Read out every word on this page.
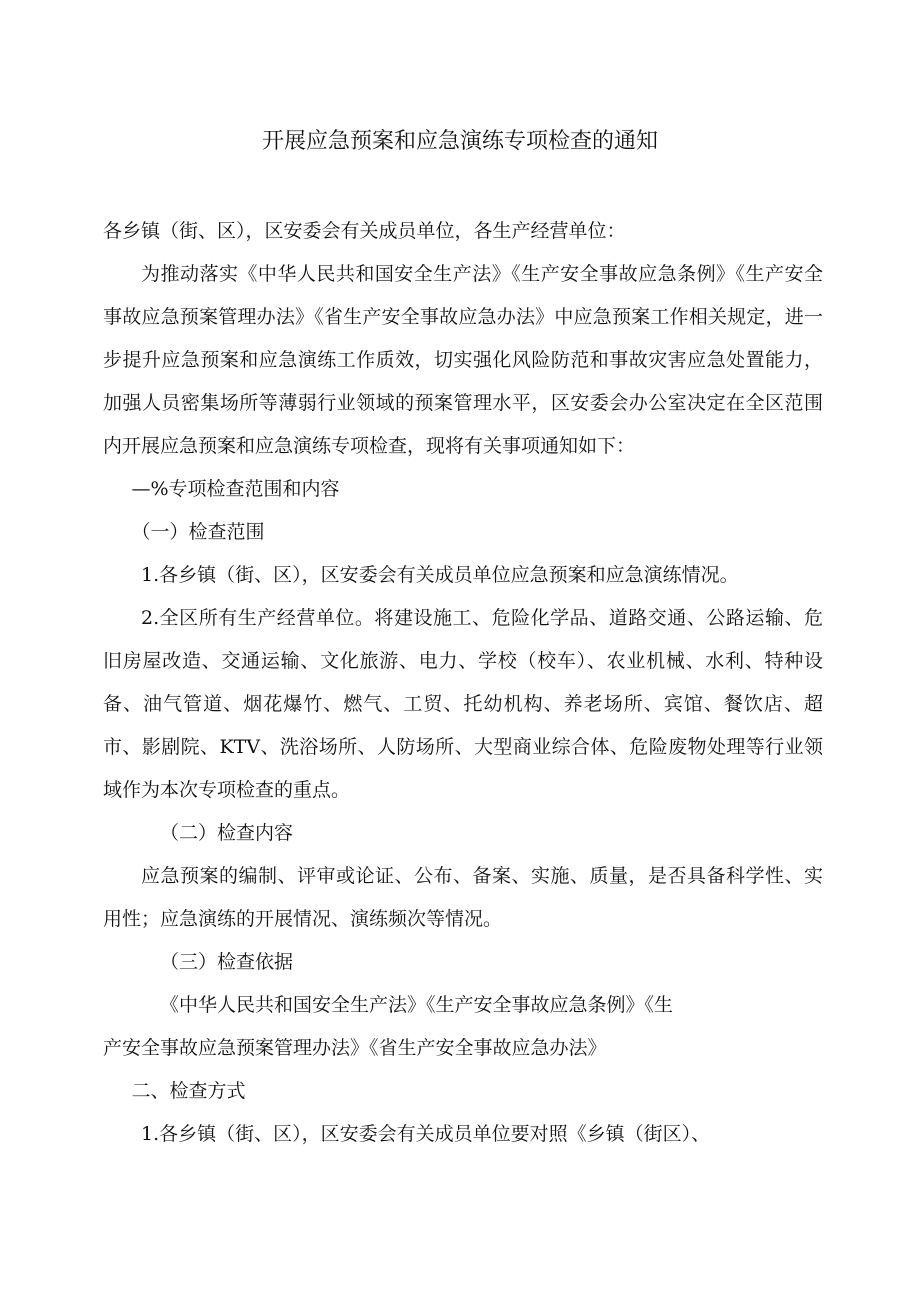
开展应急预案和应急演练专项检查的通知

各乡镇（街、区），区安委会有关成员单位，各生产经营单位：

为推动落实《中华人民共和国安全生产法》《生产安全事故应急条例》《生产安全事故应急预案管理办法》《省生产安全事故应急办法》中应急预案工作相关规定，进一步提升应急预案和应急演练工作质效，切实强化风险防范和事故灾害应急处置能力，加强人员密集场所等薄弱行业领域的预案管理水平，区安委会办公室决定在全区范围内开展应急预案和应急演练专项检查，现将有关事项通知如下：

—%专项检查范围和内容

（一）检查范围

1.各乡镇（街、区），区安委会有关成员单位应急预案和应急演练情况。

2.全区所有生产经营单位。将建设施工、危险化学品、道路交通、公路运输、危旧房屋改造、交通运输、文化旅游、电力、学校（校车）、农业机械、水利、特种设备、油气管道、烟花爆竹、燃气、工贸、托幼机构、养老场所、宾馆、餐饮店、超市、影剧院、KTV、洗浴场所、人防场所、大型商业综合体、危险废物处理等行业领域作为本次专项检查的重点。

（二）检查内容

应急预案的编制、评审或论证、公布、备案、实施、质量，是否具备科学性、实用性；应急演练的开展情况、演练频次等情况。

（三）检查依据

《中华人民共和国安全生产法》《生产安全事故应急条例》《生

产安全事故应急预案管理办法》《省生产安全事故应急办法》

二、检查方式

1.各乡镇（街、区），区安委会有关成员单位要对照《乡镇（街区）、
